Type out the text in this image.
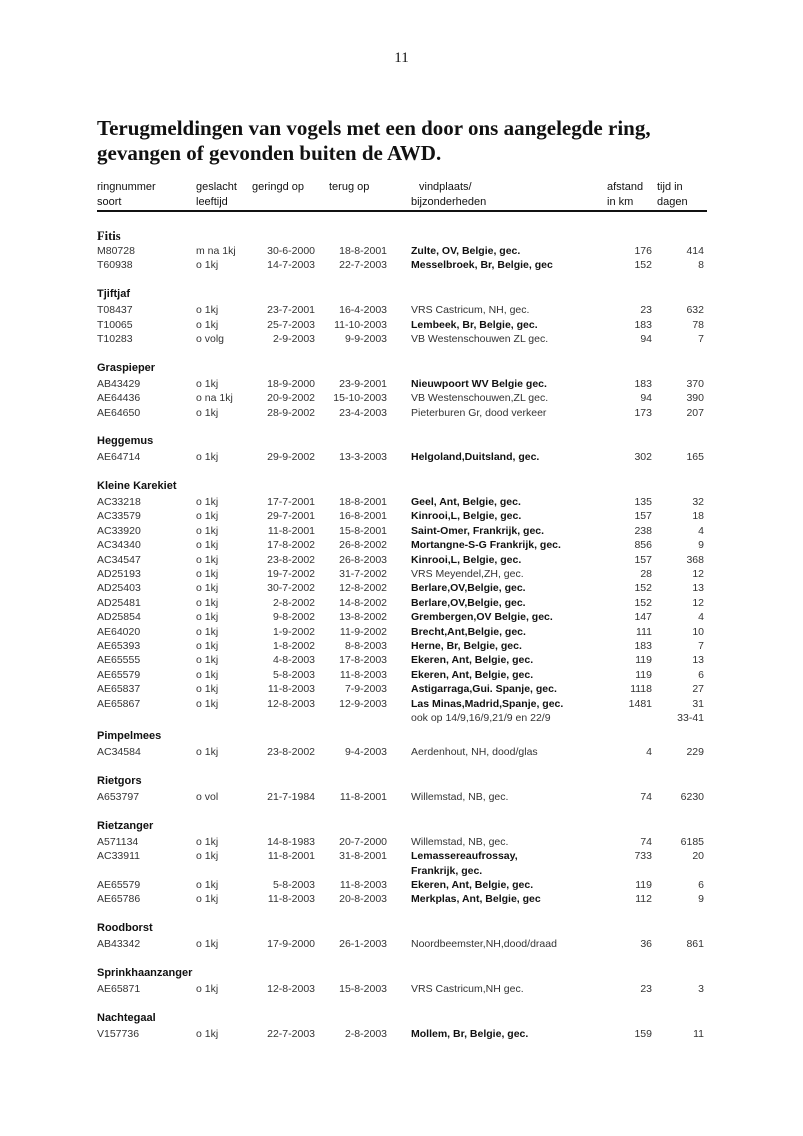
11
Terugmeldingen van vogels met een door ons aangelegde ring, gevangen of gevonden buiten de AWD.
ringnummer	geslacht geringd op terug op	vindplaats/	afstand tijd in
soort	leeftijd	bijzonderheden	in km dagen
Fitis
M80728	m na 1kj	30-6-2000	18-8-2001 Zulte, OV, Belgie, gec.	176	414
T60938	o 1kj	14-7-2003	22-7-2003 Messelbroek, Br, Belgie, gec	152	8
Tjiftjaf
T08437	o 1kj	23-7-2001	16-4-2003 VRS Castricum, NH, gec.	23	632
T10065	o 1kj	25-7-2003	11-10-2003 Lembeek, Br, Belgie, gec.	183	78
T10283	o volg	2-9-2003	9-9-2003 VB Westenschouwen ZL gec.	94	7
Graspieper
AB43429	o 1kj	18-9-2000	23-9-2001 Nieuwpoort WV Belgie gec.	183	370
AE64436	o na 1kj	20-9-2002	15-10-2003 VB Westenschouwen,ZL gec.	94	390
AE64650	o 1kj	28-9-2002	23-4-2003 Pieterburen Gr, dood verkeer	173	207
Heggemus
AE64714	o 1kj	29-9-2002	13-3-2003 Helgoland,Duitsland, gec.	302	165
Kleine Karekiet
AC33218	o 1kj	17-7-2001	18-8-2001 Geel, Ant, Belgie, gec.	135	32
AC33579	o 1kj	29-7-2001	16-8-2001 Kinrooi,L, Belgie, gec.	157	18
AC33920	o 1kj	11-8-2001	15-8-2001 Saint-Omer, Frankrijk, gec.	238	4
AC34340	o 1kj	17-8-2002	26-8-2002 Mortangne-S-G Frankrijk, gec.	856	9
AC34547	o 1kj	23-8-2002	26-8-2003 Kinrooi,L, Belgie, gec.	157	368
AD25193	o 1kj	19-7-2002	31-7-2002 VRS Meyendel,ZH, gec.	28	12
AD25403	o 1kj	30-7-2002	12-8-2002 Berlare,OV,Belgie, gec.	152	13
AD25481	o 1kj	2-8-2002	14-8-2002 Berlare,OV,Belgie, gec.	152	12
AD25854	o 1kj	9-8-2002	13-8-2002 Grembergen,OV Belgie, gec.	147	4
AE64020	o 1kj	1-9-2002	11-9-2002 Brecht,Ant,Belgie, gec.	111	10
AE65393	o 1kj	1-8-2002	8-8-2003 Herne, Br, Belgie, gec.	183	7
AE65555	o 1kj	4-8-2003	17-8-2003 Ekeren, Ant, Belgie, gec.	119	13
AE65579	o 1kj	5-8-2003	11-8-2003 Ekeren, Ant, Belgie, gec.	119	6
AE65837	o 1kj	11-8-2003	7-9-2003 Astigarraga,Gui. Spanje, gec.	1118	27
AE65867	o 1kj	12-8-2003	12-9-2003 Las Minas,Madrid,Spanje, gec.	1481	31
ook op 14/9,16/9,21/9 en 22/9	33-41
Pimpelmees
AC34584	o 1kj	23-8-2002	9-4-2003 Aerdenhout, NH, dood/glas	4	229
Rietgors
A653797	o vol	21-7-1984	11-8-2001 Willemstad, NB, gec.	74	6230
Rietzanger
A571134	o 1kj	14-8-1983	20-7-2000 Willemstad, NB, gec.	74	6185
AC33911	o 1kj	11-8-2001	31-8-2001 Lemassereaufrossay,	733	20
Frankrijk, gec.
AE65579	o 1kj	5-8-2003	11-8-2003 Ekeren, Ant, Belgie, gec.	119	6
AE65786	o 1kj	11-8-2003	20-8-2003 Merkplas, Ant, Belgie, gec	112	9
Roodborst
AB43342	o 1kj	17-9-2000	26-1-2003 Noordbeemster,NH,dood/draad	36	861
Sprinkhaanzanger
AE65871	o 1kj	12-8-2003	15-8-2003 VRS Castricum,NH gec.	23	3
Nachtegaal
V157736	o 1kj	22-7-2003	2-8-2003 Mollem, Br, Belgie, gec.	159	11
